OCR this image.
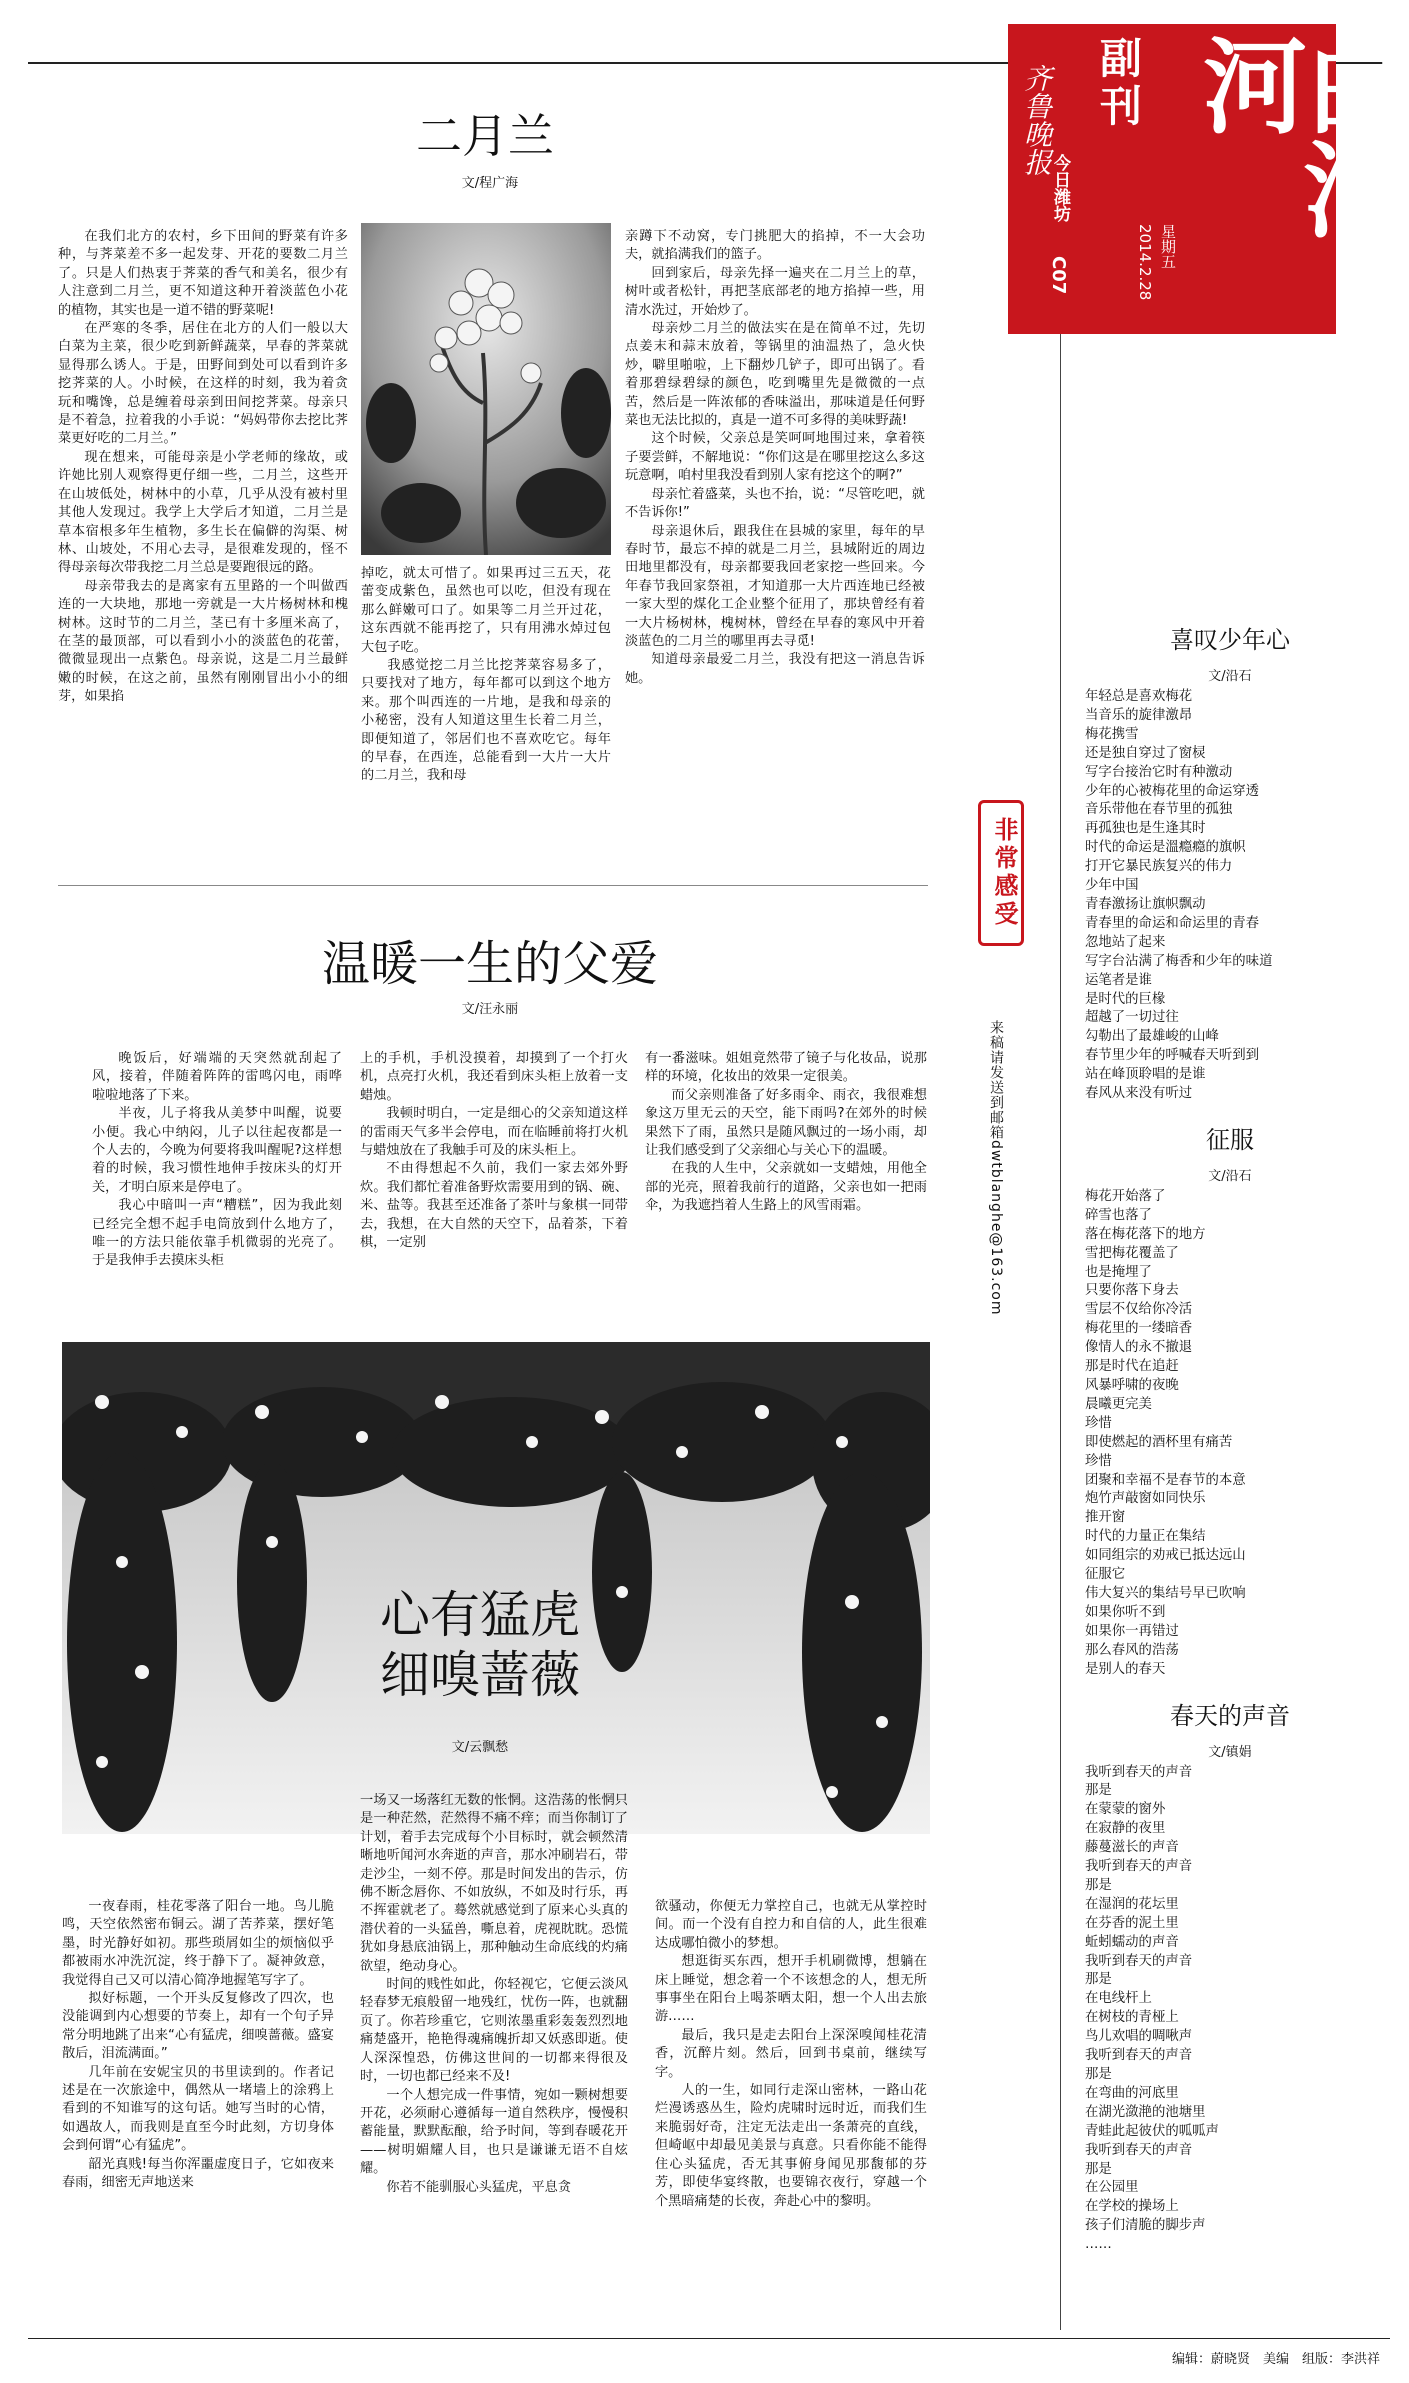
白浪河
副刊
星期五
2014.2.28
今日潍坊
C07
齐鲁晚报
二月兰
文/程广海

在我们北方的农村，乡下田间的野菜有许多种，与荠菜差不多一起发芽、开花的要数二月兰了。只是人们热衷于荠菜的香气和美名，很少有人注意到二月兰，更不知道这种开着淡蓝色小花的植物，其实也是一道不错的野菜呢!

在严寒的冬季，居住在北方的人们一般以大白菜为主菜，很少吃到新鲜蔬菜，早春的荠菜就显得那么诱人。于是，田野间到处可以看到许多挖荠菜的人。小时候，在这样的时刻，我为着贪玩和嘴馋，总是缠着母亲到田间挖荠菜。母亲只是不着急，拉着我的小手说：“妈妈带你去挖比荠菜更好吃的二月兰。”

现在想来，可能母亲是小学老师的缘故，或许她比别人观察得更仔细一些，二月兰，这些开在山坡低处，树林中的小草，几乎从没有被村里其他人发现过。我学上大学后才知道，二月兰是草本宿根多年生植物，多生长在偏僻的沟渠、树林、山坡处，不用心去寻，是很难发现的，怪不得母亲每次带我挖二月兰总是要跑很远的路。

母亲带我去的是离家有五里路的一个叫做西连的一大块地，那地一旁就是一大片杨树林和槐树林。这时节的二月兰，茎已有十多厘米高了，在茎的最顶部，可以看到小小的淡蓝色的花蕾，微微显现出一点紫色。母亲说，这是二月兰最鲜嫩的时候，在这之前，虽然有刚刚冒出小小的细芽，如果掐

掉吃，就太可惜了。如果再过三五天，花蕾变成紫色，虽然也可以吃，但没有现在那么鲜嫩可口了。如果等二月兰开过花，这东西就不能再挖了，只有用沸水焯过包大包子吃。

我感觉挖二月兰比挖荠菜容易多了，只要找对了地方，每年都可以到这个地方来。那个叫西连的一片地，是我和母亲的小秘密，没有人知道这里生长着二月兰，即便知道了，邻居们也不喜欢吃它。每年的早春，在西连，总能看到一大片一大片的二月兰，我和母

亲蹲下不动窝，专门挑肥大的掐掉，不一大会功夫，就掐满我们的篮子。

回到家后，母亲先择一遍夹在二月兰上的草，树叶或者松针，再把茎底部老的地方掐掉一些，用清水洗过，开始炒了。

母亲炒二月兰的做法实在是在简单不过，先切点姜末和蒜末放着，等锅里的油温热了，急火快炒，噼里啪啦，上下翻炒几铲子，即可出锅了。看着那碧绿碧绿的颜色，吃到嘴里先是微微的一点苦，然后是一阵浓郁的香味溢出，那味道是任何野菜也无法比拟的，真是一道不可多得的美味野蔬!

这个时候，父亲总是笑呵呵地围过来，拿着筷子要尝鲜，不解地说：“你们这是在哪里挖这么多这玩意啊，咱村里我没看到别人家有挖这个的啊?”

母亲忙着盛菜，头也不抬，说：“尽管吃吧，就不告诉你!”

母亲退休后，跟我住在县城的家里，每年的早春时节，最忘不掉的就是二月兰，县城附近的周边田地里都没有，母亲都要我回老家挖一些回来。今年春节我回家祭祖，才知道那一大片西连地已经被一家大型的煤化工企业整个征用了，那块曾经有着一大片杨树林，槐树林，曾经在早春的寒风中开着淡蓝色的二月兰的哪里再去寻觅!

知道母亲最爱二月兰，我没有把这一消息告诉她。

温暖一生的父爱
文/汪永丽

晚饭后，好端端的天突然就刮起了风，接着，伴随着阵阵的雷鸣闪电，雨哗啦啦地落了下来。

半夜，儿子将我从美梦中叫醒，说要小便。我心中纳闷，儿子以往起夜都是一个人去的，今晚为何要将我叫醒呢?这样想着的时候，我习惯性地伸手按床头的灯开关，才明白原来是停电了。

我心中暗叫一声“糟糕”，因为我此刻已经完全想不起手电筒放到什么地方了，唯一的方法只能依靠手机微弱的光亮了。于是我伸手去摸床头柜

上的手机，手机没摸着，却摸到了一个打火机，点亮打火机，我还看到床头柜上放着一支蜡烛。

我顿时明白，一定是细心的父亲知道这样的雷雨天气多半会停电，而在临睡前将打火机与蜡烛放在了我触手可及的床头柜上。

不由得想起不久前，我们一家去郊外野炊。我们都忙着准备野炊需要用到的锅、碗、米、盐等。我甚至还准备了茶叶与象棋一同带去，我想，在大自然的天空下，品着茶，下着棋，一定别

有一番滋味。姐姐竟然带了镜子与化妆品，说那样的环境，化妆出的效果一定很美。

而父亲则准备了好多雨伞、雨衣，我很难想象这万里无云的天空，能下雨吗?在郊外的时候果然下了雨，虽然只是随风飘过的一场小雨，却让我们感受到了父亲细心与关心下的温暖。

在我的人生中，父亲就如一支蜡烛，用他全部的光亮，照着我前行的道路，父亲也如一把雨伞，为我遮挡着人生路上的风雪雨霜。

心有猛虎
细嗅蔷薇
文/云飘愁

一夜春雨，桂花零落了阳台一地。鸟儿脆鸣，天空依然密布铜云。湖了苦荞菜，摆好笔墨，时光静好如初。那些琐屑如尘的烦恼似乎都被雨水冲洗沉淀，终于静下了。凝神敛意，我觉得自己又可以清心简净地握笔写字了。

拟好标题，一个开头反复修改了四次，也没能调到内心想要的节奏上，却有一个句子异常分明地跳了出来“心有猛虎，细嗅蔷薇。盛宴散后，泪流满面。”

几年前在安妮宝贝的书里读到的。作者记述是在一次旅途中，偶然从一堵墙上的涂鸦上看到的不知谁写的这句话。她写当时的心情，如遇故人，而我则是直至今时此刻，方切身体会到何谓“心有猛虎”。

韶光真贱!每当你浑噩虚度日子，它如夜来春雨，细密无声地送来

一场又一场落红无数的怅惘。这浩荡的怅惘只是一种茫然，茫然得不痛不痒；而当你制订了计划，着手去完成每个小目标时，就会顿然清晰地听闻河水奔逝的声音，那水冲刷岩石，带走沙尘，一刻不停。那是时间发出的告示，仿佛不断念唇你、不如放纵，不如及时行乐，再不挥霍就老了。蓦然就感觉到了原来心头真的潜伏着的一头猛兽，嘶息着，虎视眈眈。恐慌犹如身悬底油锅上，那种触动生命底线的灼痛欲望，绝动身心。

时间的贱性如此，你轻视它，它便云淡风轻春梦无痕般留一地残红，忧伤一阵，也就翻页了。你若珍重它，它则浓墨重彩轰轰烈烈地痛楚盛开，艳艳得魂痛魄折却又妖惑即逝。使人深深惶恐，仿佛这世间的一切都来得很及时，一切也都已经来不及!

一个人想完成一件事情，宛如一颗树想要开花，必须耐心遵循每一道自然秩序，慢慢积蓄能量，默默酝酿，给予时间，等到春暖花开——树明媚耀人目，也只是谦谦无语不自炫耀。

你若不能驯服心头猛虎，平息贪

欲骚动，你便无力掌控自己，也就无从掌控时间。而一个没有自控力和自信的人，此生很难达成哪怕微小的梦想。

想逛街买东西，想开手机刷微博，想躺在床上睡觉，想念着一个不该想念的人，想无所事事坐在阳台上喝茶晒太阳，想一个人出去旅游……

最后，我只是走去阳台上深深嗅闻桂花清香，沉醉片刻。然后，回到书桌前，继续写字。

人的一生，如同行走深山密林，一路山花烂漫诱惑丛生，险灼虎啸时远时近，而我们生来脆弱好奇，注定无法走出一条萧亮的直线，但崎岖中却最见美景与真意。只看你能不能得住心头猛虎，否无其事俯身闻见那馥郁的芬芳，即使华宴终散，也要锦衣夜行，穿越一个个黑暗痛楚的长夜，奔赴心中的黎明。

非常感受
来稿请发送到邮箱dwtblanghe@163.com
喜叹少年心
文/沿石
年轻总是喜欢梅花
当音乐的旋律激昂
梅花携雪
还是独自穿过了窗棂
写字台接治它时有种激动
少年的心被梅花里的命运穿透
音乐带他在春节里的孤独
再孤独也是生逢其时
时代的命运是溫瘾瘾的旗帜
打开它暴民族复兴的伟力
少年中国
青春激扬让旗帜飘动
青春里的命运和命运里的青春
忽地站了起来
写字台沾满了梅香和少年的味道
运笔者是谁
是时代的巨椽
超越了一切过往
勾勒出了最雄峻的山峰
春节里少年的呼喊春天听到到
站在峰顶聆唱的是谁
春风从来没有听过
征服
文/沿石
梅花开始落了
碎雪也落了
落在梅花落下的地方
雪把梅花覆盖了
也是掩埋了
只要你落下身去
雪层不仅给你冷活
梅花里的一缕暗香
像情人的永不撤退
那是时代在追赶
风暴呼啸的夜晚
晨曦更完美
珍惜
即使燃起的酒杯里有痛苦
珍惜
团聚和幸福不是春节的本意
炮竹声敲窗如同快乐
推开窗
时代的力量正在集结
如同组宗的劝戒已抵达远山
征服它
伟大复兴的集结号早已吹响
如果你听不到
如果你一再错过
那么春风的浩荡
是别人的春天
春天的声音
文/镇娟
我听到春天的声音
那是
在蒙蒙的窗外
在寂静的夜里
藤蔓滋长的声音
我听到春天的声音
那是
在湿润的花坛里
在芬香的泥土里
蚯蚓蠕动的声音
我听到春天的声音
那是
在电线杆上
在树枝的青桠上
鸟儿欢唱的啁啾声
我听到春天的声音
那是
在弯曲的河底里
在湖光潋滟的池塘里
青蛙此起彼伏的呱呱声
我听到春天的声音
那是
在公园里
在学校的操场上
孩子们清脆的脚步声
……
编辑：蔚晓贤　美编　组版：李洪祥
